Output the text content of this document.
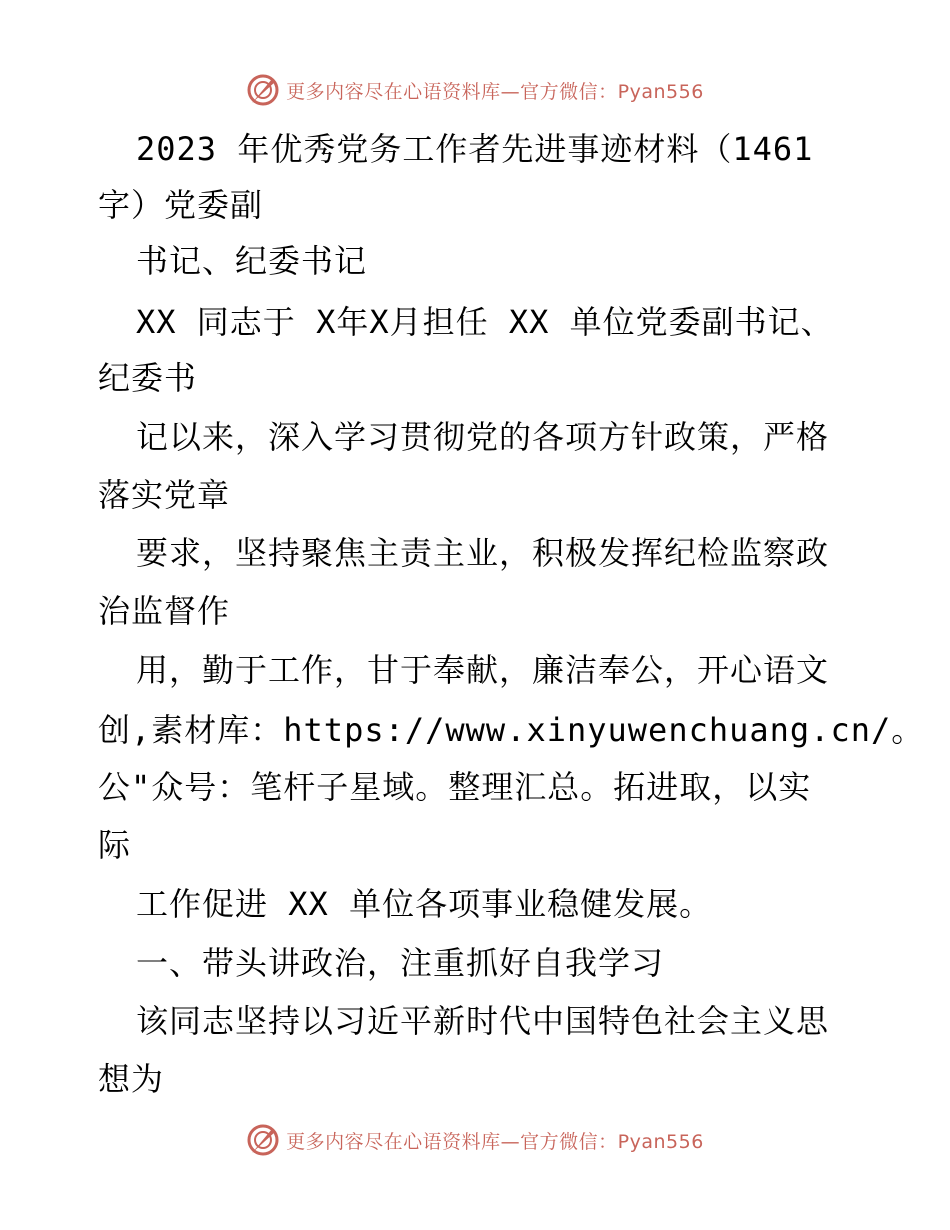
更多内容尽在心语资料库—官方微信：Pyan556
2023 年优秀党务工作者先进事迹材料（1461
字）党委副
书记、纪委书记
XX 同志于 X年X月担任 XX 单位党委副书记、
纪委书
记以来，深入学习贯彻党的各项方针政策，严格
落实党章
要求，坚持聚焦主责主业，积极发挥纪检监察政
治监督作
用，勤于工作，甘于奉献，廉洁奉公，开心语文
创,素材库：https://www.xinyuwenchuang.cn/。
公"众号：笔杆子星域。整理汇总。拓进取，以实
际
工作促进 XX 单位各项事业稳健发展。
一、带头讲政治，注重抓好自我学习
该同志坚持以习近平新时代中国特色社会主义思
想为
更多内容尽在心语资料库—官方微信：Pyan556
